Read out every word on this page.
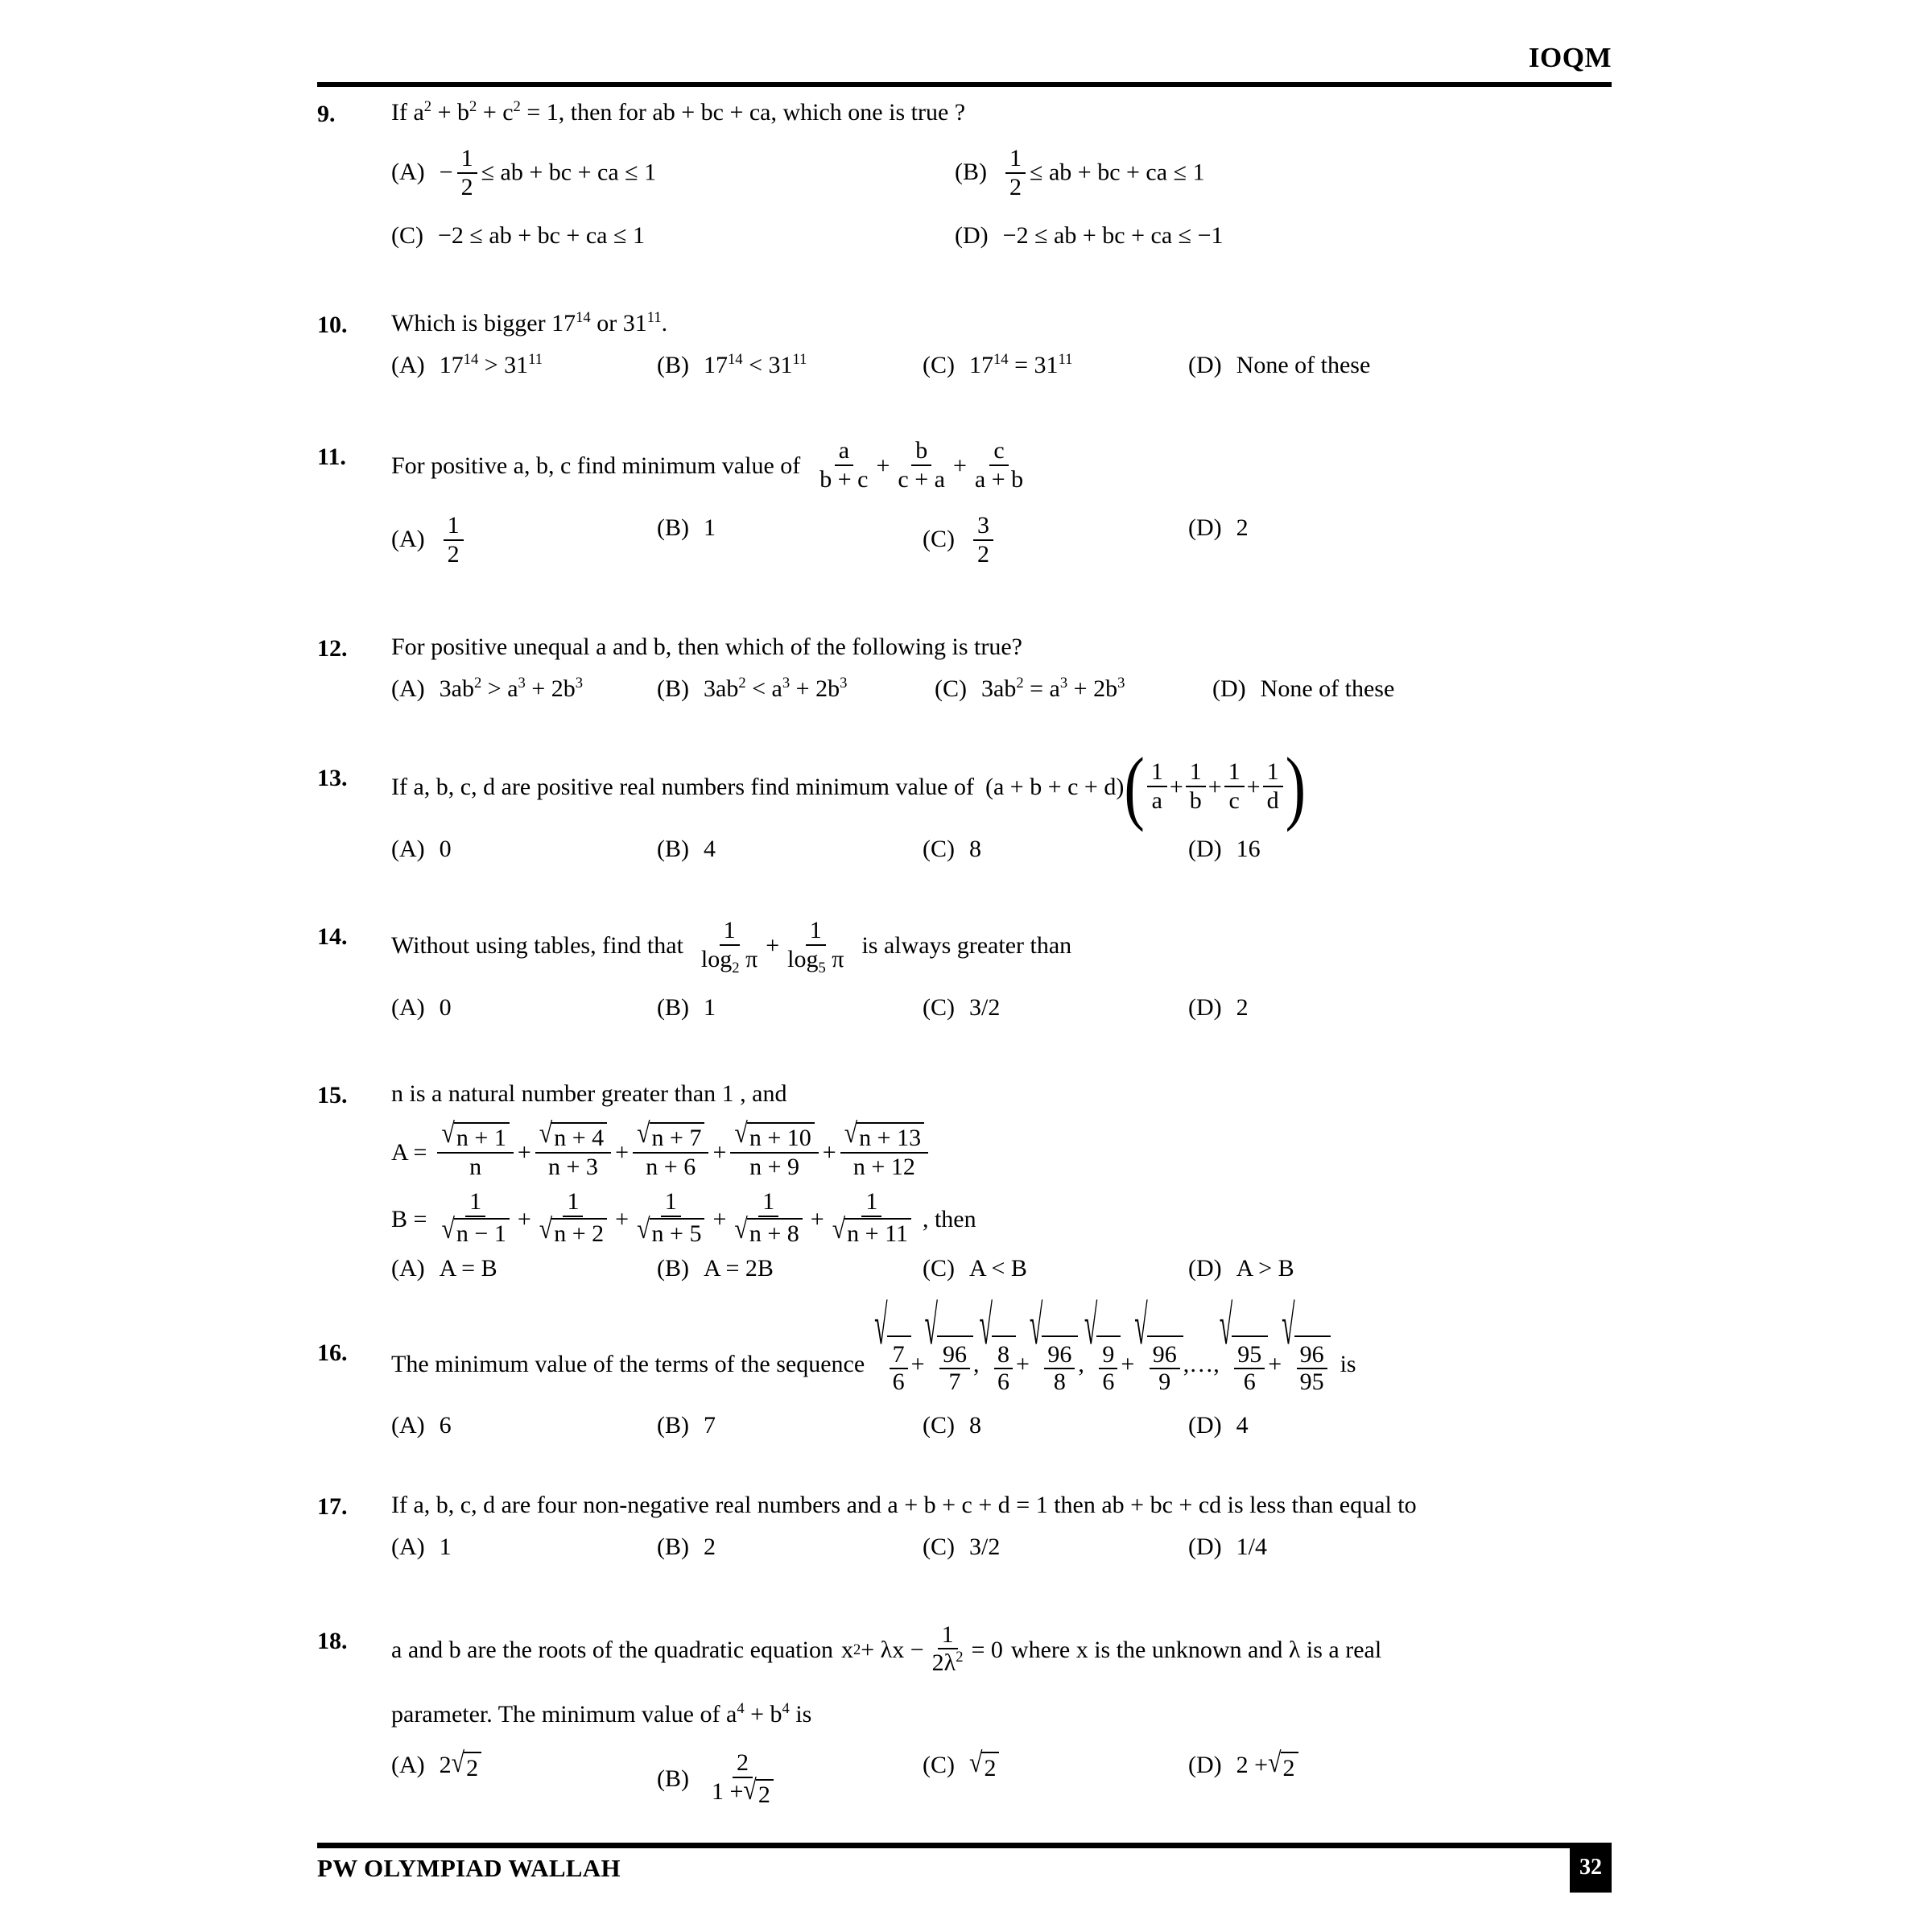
IOQM
9.	If $a^2 + b^2 + c^2 = 1$, then for ab + bc + ca, which one is true ?
$(A) - \frac{1}{2}$ ≤ ab + bc + ca ≤ 1	$(B) \frac{1}{2}$ ≤ ab + bc + ca ≤ 1
(C) −2 ≤ ab + bc + ca ≤ 1	(D) −2 ≤ ab + bc + ca ≤ −1
10.	Which is bigger $17^{14}$ or $31^{11}$.
(A) $17^{14} > 31^{11}$	(B) $17^{14} < 31^{11}$	(C) $17^{14} = 31^{11}$	(D) None of these
11.	For positive a, b, c find minimum value of $\frac{a}{b + c} + \frac{b}{c + a} + \frac{c}{a + b}$
$(A) \frac{1}{2}$	(B) 1	$(C) \frac{3}{2}$	(D) 2
12.	For positive unequal a and b, then which of the following is true?
(A) $3ab^2 > a^3 + 2b^3$	(B) $3ab^2 < a^3 + 2b^3$	(C) $3ab^2 = a^3 + 2b^3$	(D) None of these
13.	If a, b, c, d are positive real numbers find minimum value of (a + b + c + d) ( $\frac{1}{a} + \frac{1}{b} + \frac{1}{c} + \frac{1}{d}$ )
(A) 0	(B) 4	(C) 8	(D) 16
14.	Without using tables, find that $\frac{1}{\log_2 \pi} + \frac{1}{\log_5 \pi}$ is always greater than
(A) 0	(B) 1	(C) 3/2	(D) 2
15.	n is a natural number greater than 1 , and
$A = \frac{√ n + 1}{n} + \frac{√ n + 4}{n + 3} + \frac{√ n + 7}{n + 6} + \frac{√ n + 10}{n + 9} + \frac{√ n + 13}{n + 12}$
$B = \frac{1}{√ n - 1} + \frac{1}{√ n + 2} + \frac{1}{√ n + 5} + \frac{1}{√ n + 8} + \frac{1}{√ n + 11}$ , then
(A) A = B	(B) A = 2B	(C) A < B	(D) A > B
16.	The minimum value of the terms of the sequence
√
$\frac{7}{6}$ +
√
$\frac{96}{7}$ ,
√
$\frac{8}{6}$ +
√
$\frac{96}{8}$ ,
√
$\frac{9}{6}$ +
√
$\frac{96}{9}$ ,…,
√
$\frac{95}{6}$ +
√
$\frac{96}{95}$ is
(A) 6	(B) 7	(C) 8	(D) 4
17.	If a, b, c, d are four non-negative real numbers and a + b + c + d = 1 then ab + bc + cd is less than equal to
(A) 1	(B) 2	(C) 3/2	(D) 1/4
18.	a and b are the roots of the quadratic equation x $2 + \lambda x - \frac{1}{2\lambda^2} = 0$ where x is the unknown and λ is a real
parameter. The minimum value of $a^4 + b^4$ is
(A) 2 √ 2	$(B) \frac{2}{1 + √ 2}$	(C) √ 2	(D) 2 + √ 2
PW OLYMPIAD WALLAH	32
